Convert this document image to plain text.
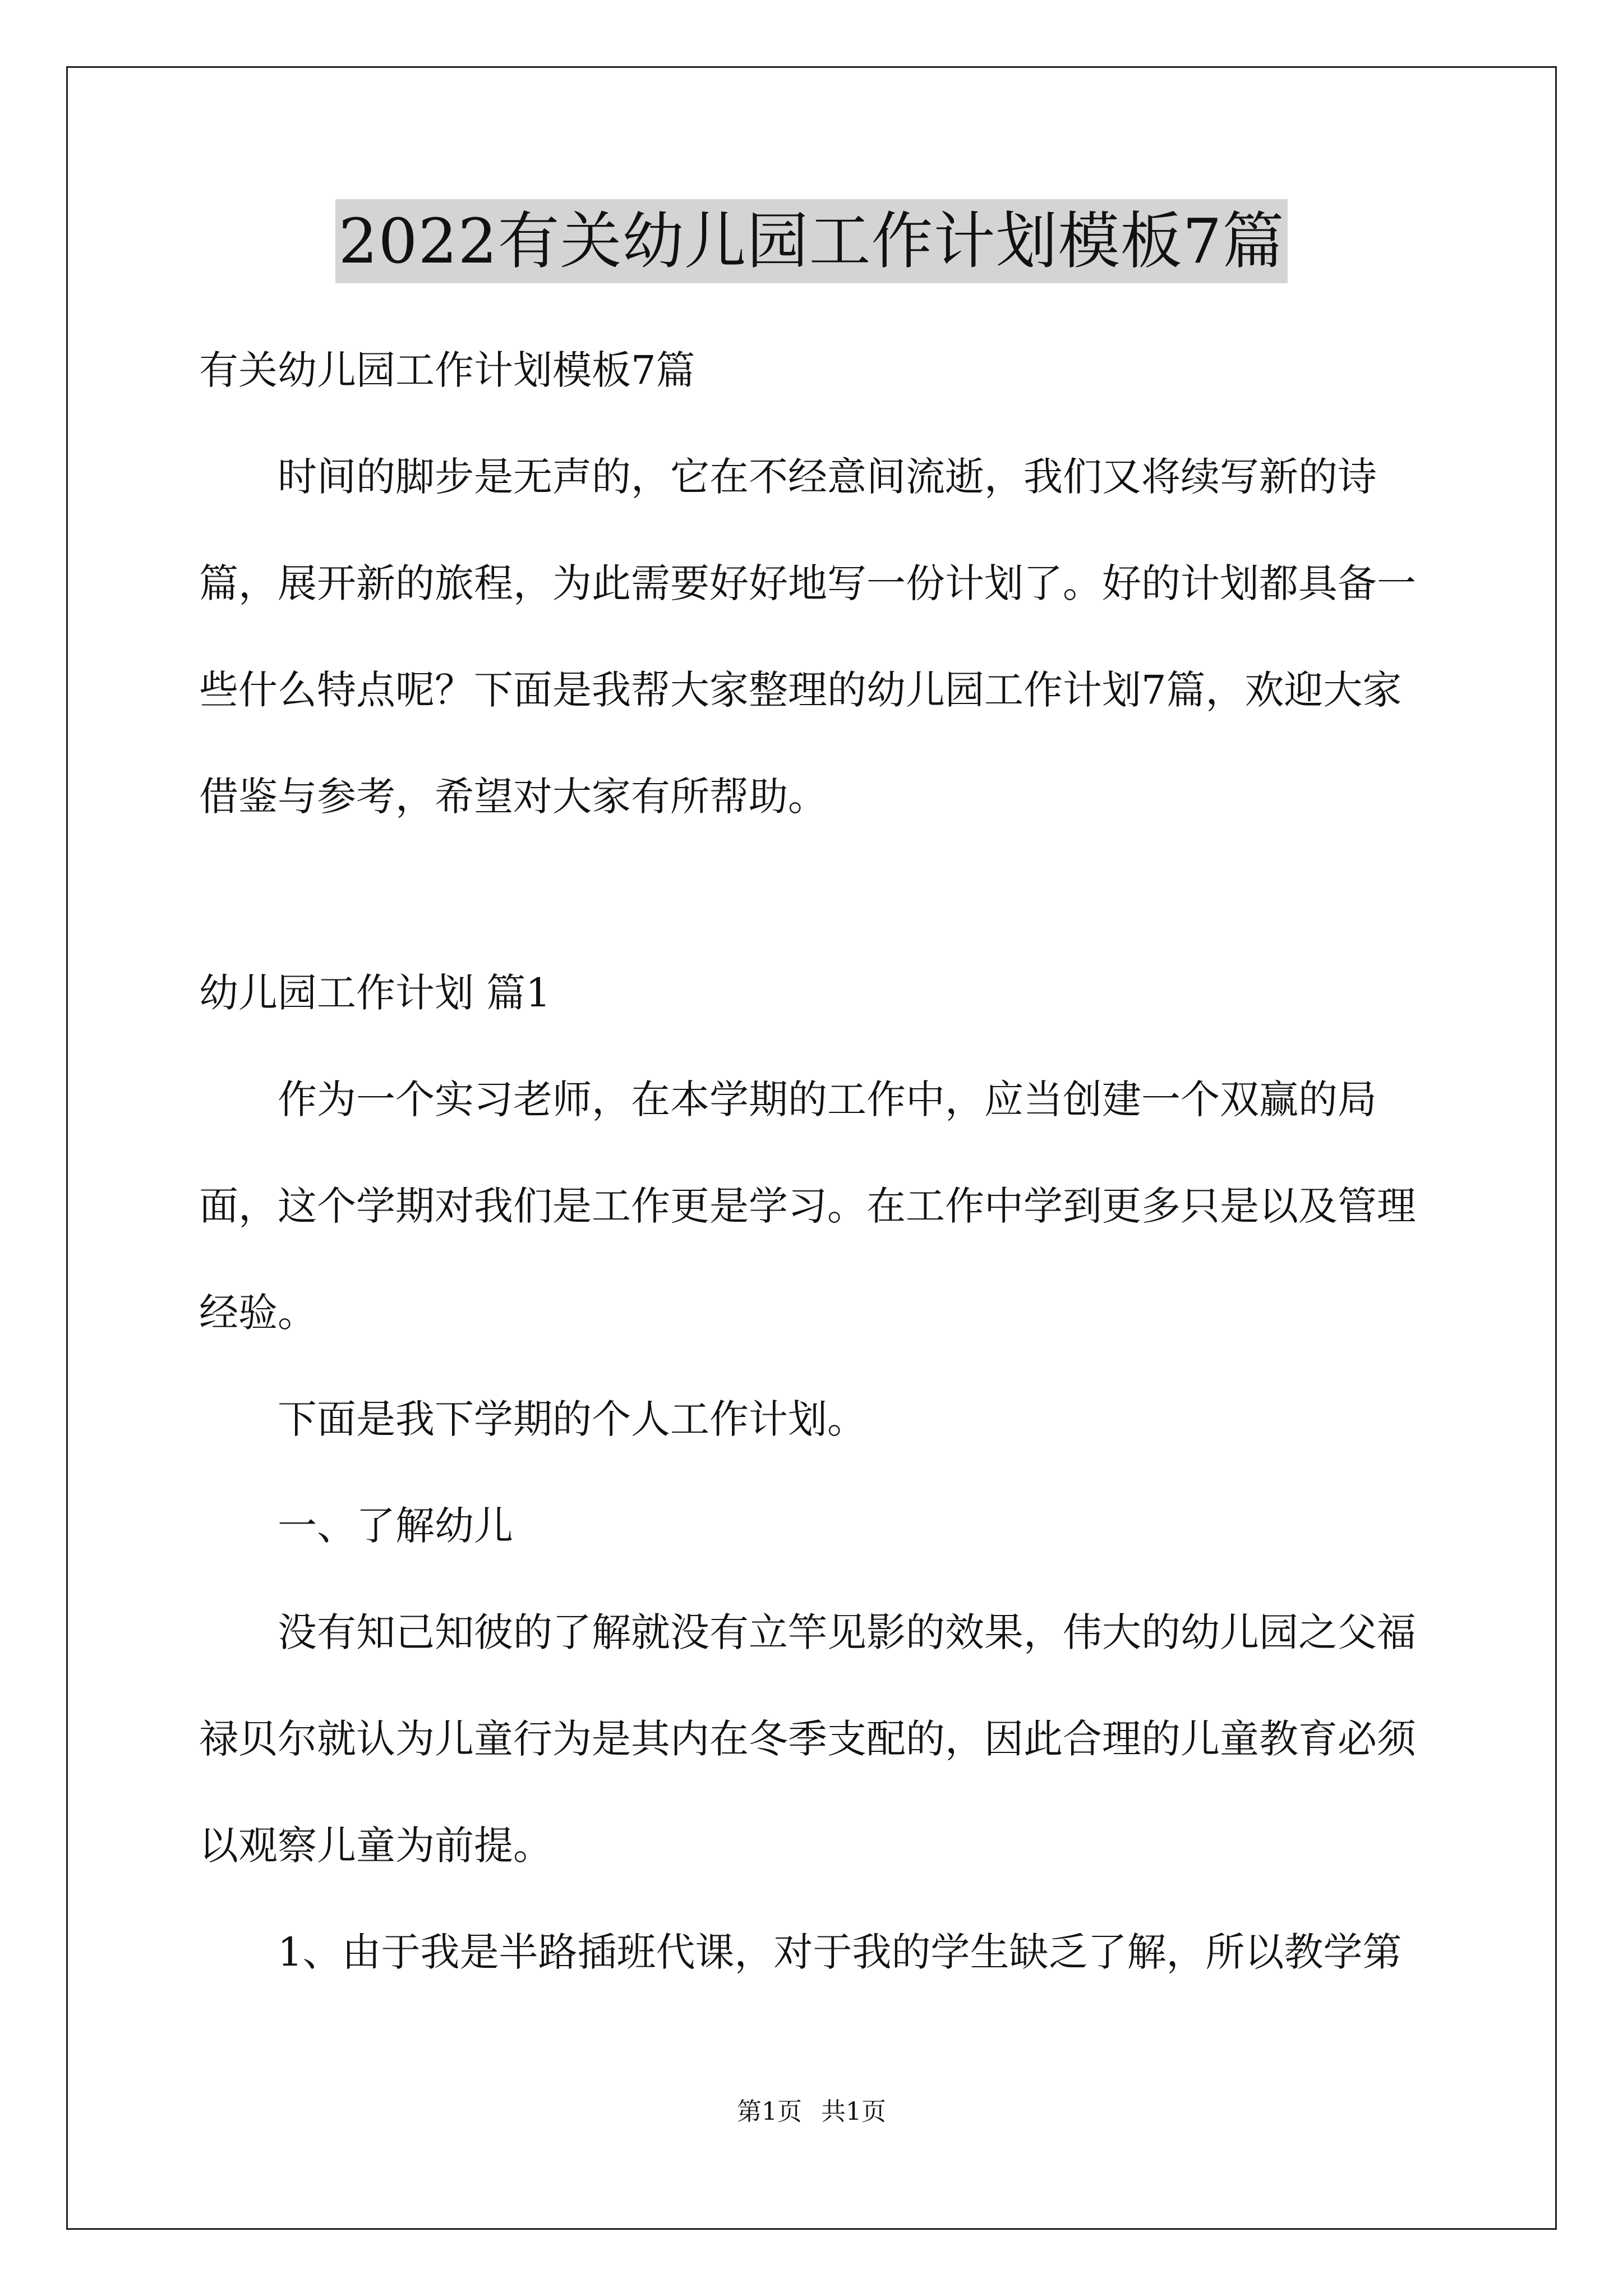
2022有关幼儿园工作计划模板7篇

有关幼儿园工作计划模板7篇

时间的脚步是无声的，它在不经意间流逝，我们又将续写新的诗篇，展开新的旅程，为此需要好好地写一份计划了。好的计划都具备一些什么特点呢？下面是我帮大家整理的幼儿园工作计划7篇，欢迎大家借鉴与参考，希望对大家有所帮助。

幼儿园工作计划 篇1

作为一个实习老师，在本学期的工作中，应当创建一个双赢的局面，这个学期对我们是工作更是学习。在工作中学到更多只是以及管理经验。

下面是我下学期的个人工作计划。

一、了解幼儿

没有知己知彼的了解就没有立竿见影的效果，伟大的幼儿园之父福禄贝尔就认为儿童行为是其内在冬季支配的，因此合理的儿童教育必须以观察儿童为前提。

1、由于我是半路插班代课，对于我的学生缺乏了解，所以教学第

第1页 共1页
